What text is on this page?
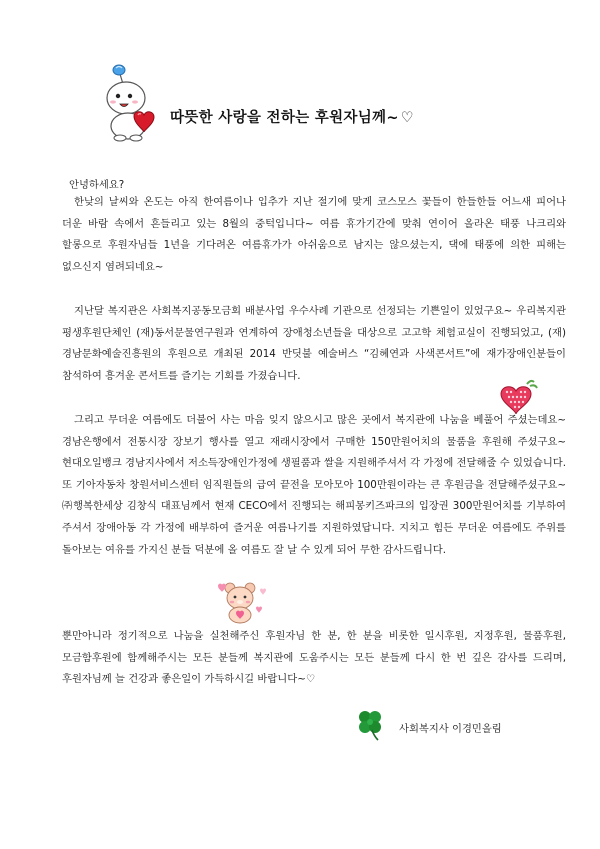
따뜻한 사랑을 전하는 후원자님께~ ♡

안녕하세요?

한낮의 날씨와 온도는 아직 한여름이나 입추가 지난 절기에 맞게 코스모스 꽃들이 한들한들 어느새 피어나 더운 바람 속에서 흔들리고 있는 8월의 중턱입니다~ 여름 휴가기간에 맞춰 연이어 올라온 태풍 나크리와 할롱으로 후원자님들 1년을 기다려온 여름휴가가 아쉬움으로 남지는 않으셨는지, 댁에 태풍에 의한 피해는 없으신지 염려되네요~

지난달 복지관은 사회복지공동모금회 배분사업 우수사례 기관으로 선정되는 기쁜일이 있었구요~ 우리복지관 평생후원단체인 (재)동서문물연구원과 연계하여 장애청소년들을 대상으로 고고학 체험교실이 진행되었고, (재)경남문화예술진흥원의 후원으로 개최된 2014 반딧불 예술버스 “김혜연과 사색콘서트”에 재가장애인분들이 참석하여 흥겨운 콘서트를 즐기는 기회를 가졌습니다.

그리고 무더운 여름에도 더불어 사는 마음 잊지 않으시고 많은 곳에서 복지관에 나눔을 베풀어 주셨는데요~ 경남은행에서 전통시장 장보기 행사를 열고 재래시장에서 구매한 150만원어치의 물품을 후원해 주셨구요~ 현대오일뱅크 경남지사에서 저소득장애인가정에 생필품과 쌀을 지원해주셔서 각 가정에 전달해줄 수 있었습니다. 또 기아자동차 창원서비스센터 임직원들의 급여 끝전을 모아모아 100만원이라는 큰 후원금을 전달해주셨구요~ ㈜행복한세상 김창식 대표님께서 현재 CECO에서 진행되는 해피몽키즈파크의 입장권 300만원어치를 기부하여 주셔서 장애아동 각 가정에 배부하여 즐거운 여름나기를 지원하였답니다. 지치고 힘든 무더운 여름에도 주위를 돌아보는 여유를 가지신 분들 덕분에 올 여름도 잘 날 수 있게 되어 무한 감사드립니다.

뿐만아니라 정기적으로 나눔을 실천해주신 후원자님 한 분, 한 분을 비롯한 일시후원, 지정후원, 물품후원, 모금함후원에 함께해주시는 모든 분들께 복지관에 도움주시는 모든 분들께 다시 한 번 깊은 감사를 드리며, 후원자님께 늘 건강과 좋은일이 가득하시길 바랍니다~♡

사회복지사 이경민올림
